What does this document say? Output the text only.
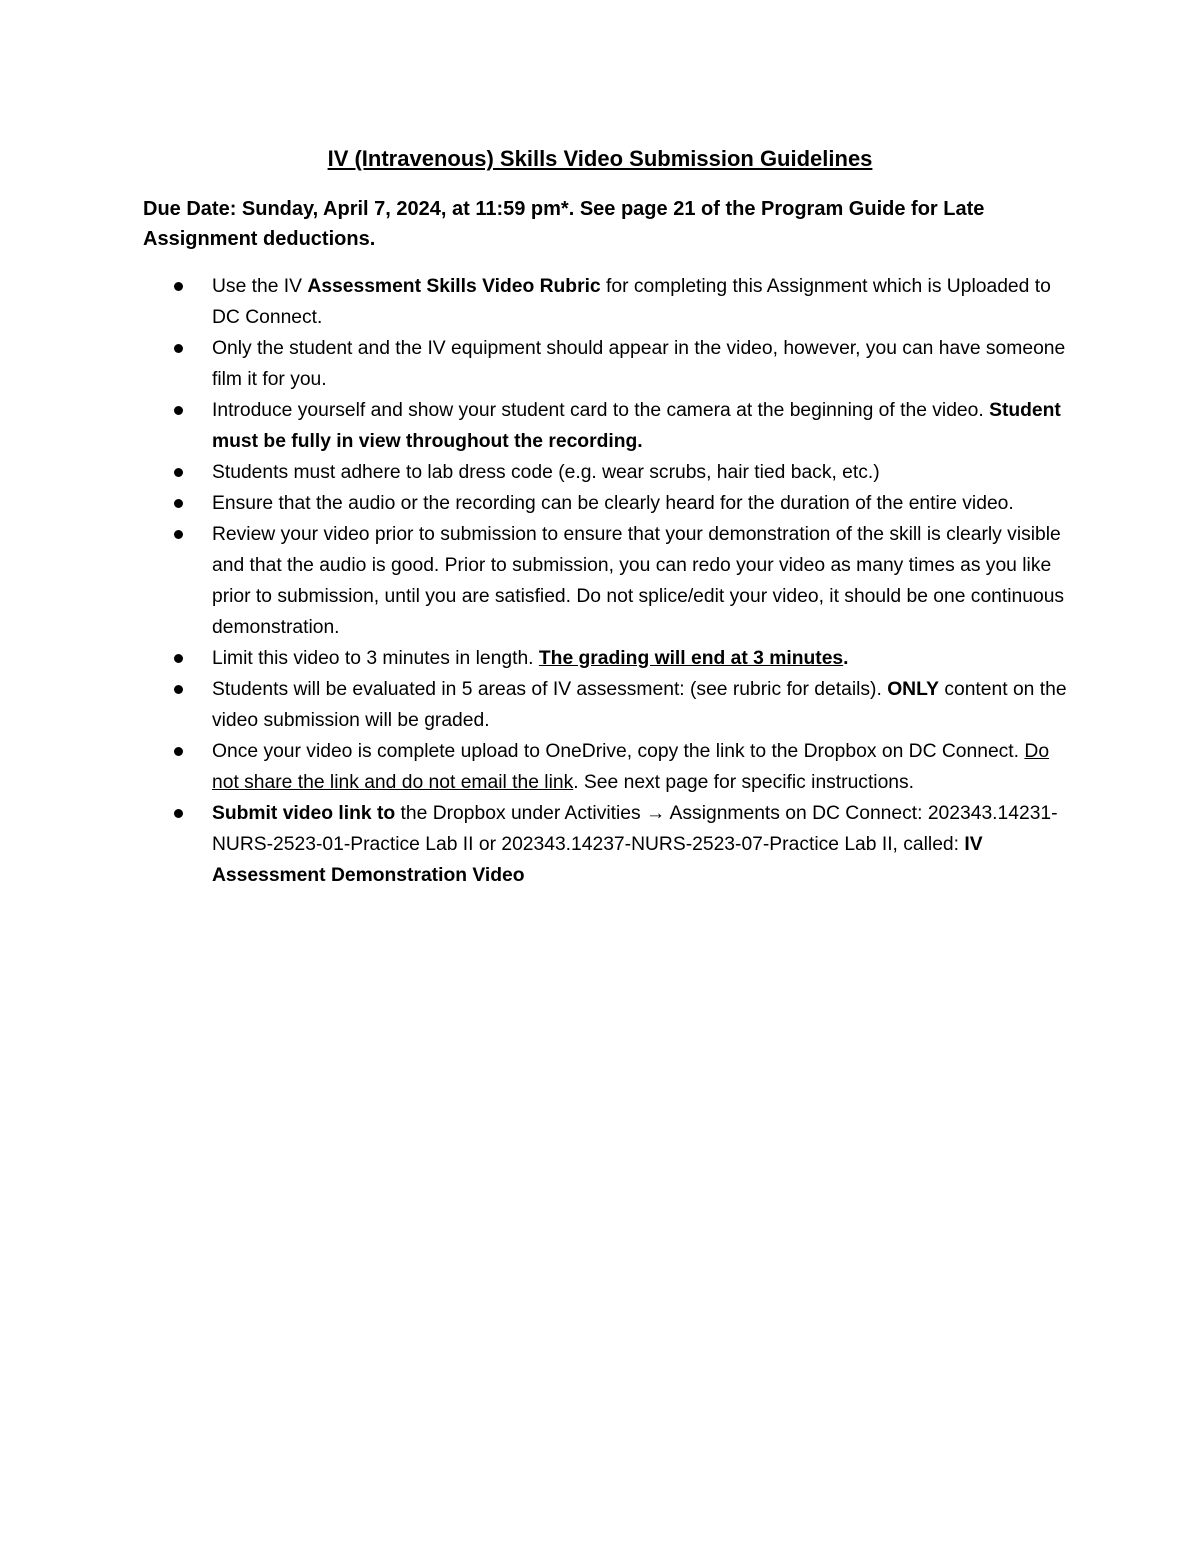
IV (Intravenous) Skills Video Submission Guidelines
Due Date: Sunday, April 7, 2024, at 11:59 pm*. See page 21 of the Program Guide for Late Assignment deductions.
Use the IV Assessment Skills Video Rubric for completing this Assignment which is Uploaded to DC Connect.
Only the student and the IV equipment should appear in the video, however, you can have someone film it for you.
Introduce yourself and show your student card to the camera at the beginning of the video. Student must be fully in view throughout the recording.
Students must adhere to lab dress code (e.g. wear scrubs, hair tied back, etc.)
Ensure that the audio or the recording can be clearly heard for the duration of the entire video.
Review your video prior to submission to ensure that your demonstration of the skill is clearly visible and that the audio is good. Prior to submission, you can redo your video as many times as you like prior to submission, until you are satisfied. Do not splice/edit your video, it should be one continuous demonstration.
Limit this video to 3 minutes in length. The grading will end at 3 minutes.
Students will be evaluated in 5 areas of IV assessment: (see rubric for details). ONLY content on the video submission will be graded.
Once your video is complete upload to OneDrive, copy the link to the Dropbox on DC Connect. Do not share the link and do not email the link. See next page for specific instructions.
Submit video link to the Dropbox under Activities → Assignments on DC Connect: 202343.14231-NURS-2523-01-Practice Lab II or 202343.14237-NURS-2523-07-Practice Lab II, called: IV Assessment Demonstration Video
